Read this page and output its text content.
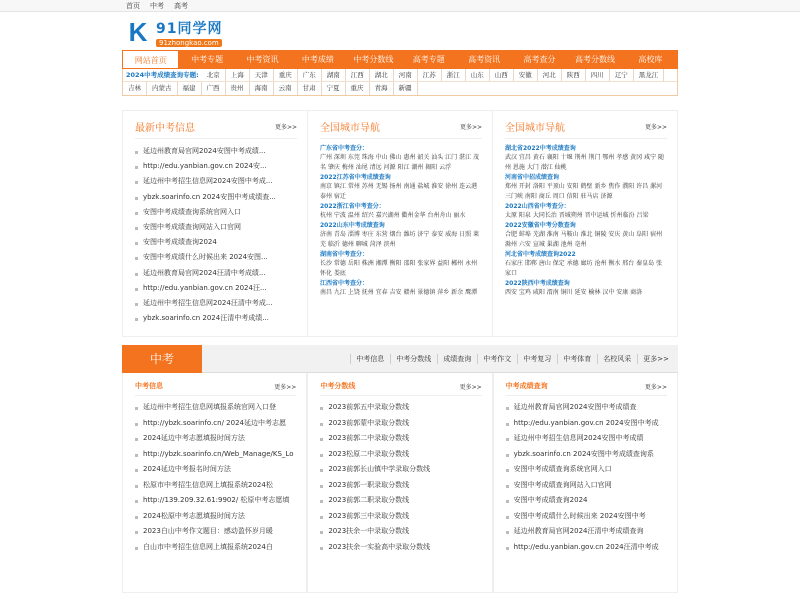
首页 中考 高考
K 91同学网
91zhongkao.com
网站首页	中考专题	中考资讯	中考成绩	中考分数线	高考专题	高考资讯	高考查分	高考分数线	高校库
2024中考成绩查询专题:	北京	上海	天津	重庆	广东	湖南	江西	湖北	河南	江苏	浙江	山东	山西	安徽	河北	陕西	四川	辽宁	黑龙江
吉林	内蒙古	福建	广西	贵州	海南	云南	甘肃	宁夏	重庆	青海	新疆
最新中考信息	更多>>
延边州教育局官网2024安图中考成绩...
http://edu.yanbian.gov.cn 2024安...
延边州中考招生信息网2024安图中考成...
ybzk.soarinfo.cn 2024安图中考成绩查...
安图中考成绩查询系统官网入口
安图中考成绩查询网站入口官网
安图中考成绩查询2024
安图中考成绩什么时候出来 2024安图...
延边州教育局官网2024汪清中考成绩...
http://edu.yanbian.gov.cn 2024汪...
延边州中考招生信息网2024汪清中考成...
ybzk.soarinfo.cn 2024汪清中考成绩...
全国城市导航	更多>>
广东省中考查分：
广州 深圳 东莞 珠海 中山 佛山 惠州 韶关 汕头 江门 湛江 茂名 肇庆 梅州 汕尾 清远 河源 阳江 潮州 揭阳 云浮
2022江苏省中考成绩查询
南京 镇江 常州 苏州 无锡 扬州 南通 盐城 淮安 徐州 连云港 泰州 宿迁
2022浙江省中考查分：
杭州 宁波 温州 绍兴 嘉兴湖州 衢州金华 台州舟山 丽水
2022山东中考成绩查询
济南 青岛 淄博 枣庄 东营 烟台 潍坊 济宁 泰安 威海 日照 莱芜 临沂 德州 聊城 菏泽 滨州
湖南省中考查分：
长沙 常德 岳阳 株洲 湘潭 衡阳 邵阳 张家界 益阳 郴州 永州 怀化 娄底
江西省中考查分：
南昌 九江 上饶 抚州 宜春 吉安 赣州 景德镇 萍乡 新余 鹰潭
全国城市导航	更多>>
湖北省2022中考成绩查询
武汉 宜昌 黄石 襄阳 十堰 荆州 荆门 鄂州 孝感 黄冈 咸宁 随州 恩施 大门 潜江 仙桃
河南省中招成绩查询
郑州 开封 洛阳 平顶山 安阳 鹤壁 新乡 焦作 濮阳 许昌 漯河 三门峡 南阳 商丘 周口 信阳 驻马店 济源
2022山西省中考查分：
太原 阳泉 大同长治 晋城朔州 晋中运城 忻州临汾 吕梁
2022安徽省中考分数查询
合肥 蚌埠 芜湖 淮南 马鞍山 淮北 铜陵 安庆 黄山 阜阳 宿州 滁州 六安 宣城 巢湖 池州 亳州
河北省中考成绩查询2022
石家庄 邯郸 唐山 保定 承德 廊坊 沧州 衡水 邢台 秦皇岛 张家口
2022陕西中考成绩查询
西安 宝鸡 咸阳 渭南 铜川 延安 榆林 汉中 安康 商洛
中考	中考信息	中考分数线	成绩查询	中考作文	中考复习	中考体育	名校风采	更多>>
中考信息	更多>>
延边州中考招生信息网填报系统官网入口登
http://ybzk.soarinfo.cn/ 2024延边中考志愿
2024延边中考志愿填报时间方法
http://ybzk.soarinfo.cn/Web_Manage/KS_Lo
2024延边中考报名时间方法
松原市中考招生信息网上填报系统2024松
http://139.209.32.61:9902/ 松原中考志愿填
2024松原中考志愿填报时间方法
2023白山中考作文题目：感动盈怀岁月暖
白山市中考招生信息网上填报系统2024白
中考分数线	更多>>
2023前郭五中录取分数线
2023前郭蒙中录取分数线
2023前郭二中录取分数线
2023松原二中录取分数线
2023前郭长山镇中学录取分数线
2023前郭一职录取分数线
2023前郭二职录取分数线
2023前郭三中录取分数线
2023扶余一中录取分数线
2023扶余一实验高中录取分数线
中考成绩查询	更多>>
延边州教育局官网2024安图中考成绩查
http://edu.yanbian.gov.cn 2024安图中考成
延边州中考招生信息网2024安图中考成绩
ybzk.soarinfo.cn 2024安图中考成绩查询系
安图中考成绩查询系统官网入口
安图中考成绩查询网站入口官网
安图中考成绩查询2024
安图中考成绩什么时候出来 2024安图中考
延边州教育局官网2024汪清中考成绩查询
http://edu.yanbian.gov.cn 2024汪清中考成
